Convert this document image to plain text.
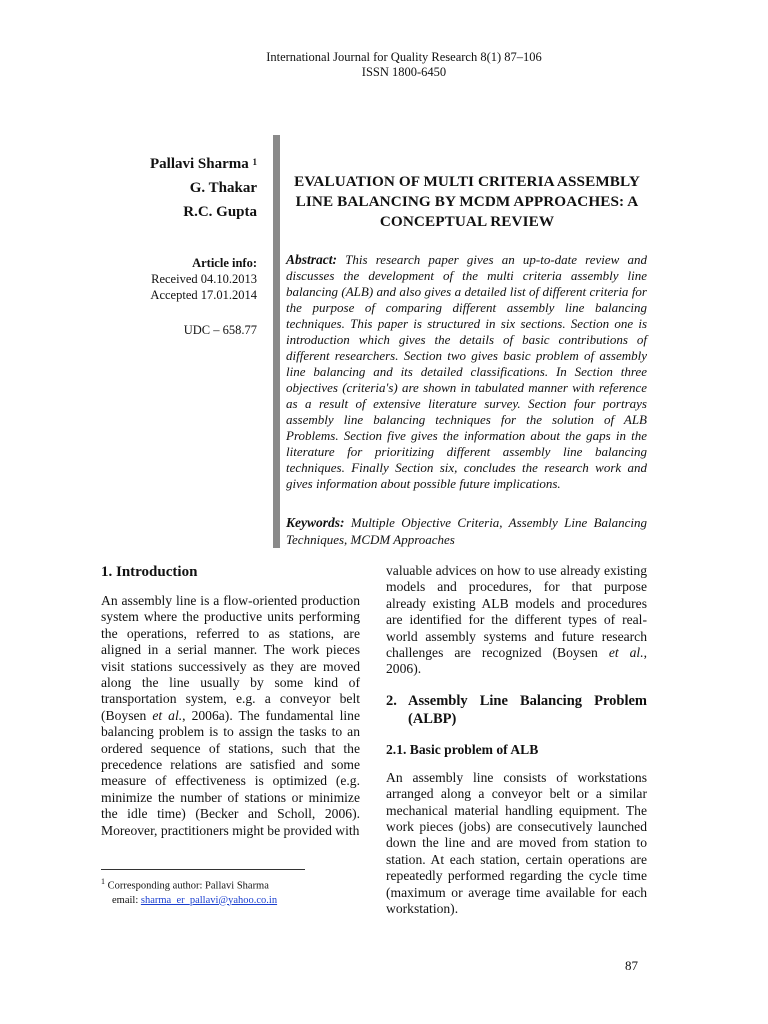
International Journal for Quality Research 8(1) 87–106
ISSN 1800-6450
Pallavi Sharma $^1$
G. Thakar
R.C. Gupta
Article info:
Received 04.10.2013
Accepted 17.01.2014
UDC – 658.77
EVALUATION OF MULTI CRITERIA ASSEMBLY LINE BALANCING BY MCDM APPROACHES: A CONCEPTUAL REVIEW
Abstract: This research paper gives an up-to-date review and discusses the development of the multi criteria assembly line balancing (ALB) and also gives a detailed list of different criteria for the purpose of comparing different assembly line balancing techniques. This paper is structured in six sections. Section one is introduction which gives the details of basic contributions of different researchers. Section two gives basic problem of assembly line balancing and its detailed classifications. In Section three objectives (criteria's) are shown in tabulated manner with reference as a result of extensive literature survey. Section four portrays assembly line balancing techniques for the solution of ALB Problems. Section five gives the information about the gaps in the literature for prioritizing different assembly line balancing techniques. Finally Section six, concludes the research work and gives information about possible future implications.
Keywords: Multiple Objective Criteria, Assembly Line Balancing Techniques, MCDM Approaches
1. Introduction

An assembly line is a flow-oriented production system where the productive units performing the operations, referred to as stations, are aligned in a serial manner. The work pieces visit stations successively as they are moved along the line usually by some kind of transportation system, e.g. a conveyor belt (Boysen et al., 2006a). The fundamental line balancing problem is to assign the tasks to an ordered sequence of stations, such that the precedence relations are satisfied and some measure of effectiveness is optimized (e.g. minimize the number of stations or minimize the idle time) (Becker and Scholl, 2006). Moreover, practitioners might be provided with

valuable advices on how to use already existing models and procedures, for that purpose already existing ALB models and procedures are identified for the different types of real-world assembly systems and future research challenges are recognized (Boysen et al., 2006).

2. Assembly Line Balancing Problem (ALBP)
2.1. Basic problem of ALB

An assembly line consists of workstations arranged along a conveyor belt or a similar mechanical material handling equipment. The work pieces (jobs) are consecutively launched down the line and are moved from station to station. At each station, certain operations are repeatedly performed regarding the cycle time (maximum or average time available for each workstation).

$^1$ Corresponding author: Pallavi Sharma
email: sharma_er_pallavi@yahoo.co.in
87
